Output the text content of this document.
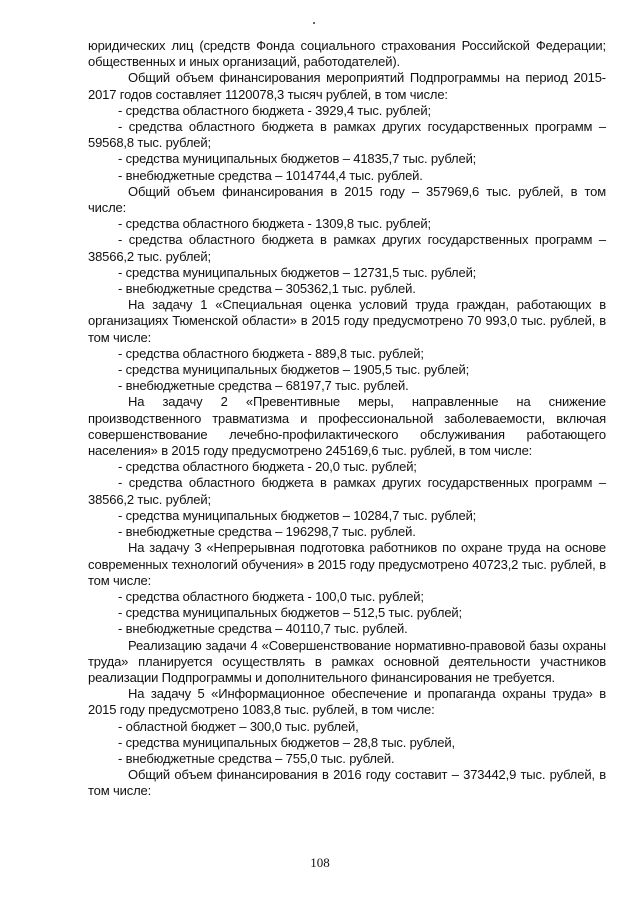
юридических лиц (средств Фонда социального страхования Российской Федерации; общественных и иных организаций, работодателей).

Общий объем финансирования мероприятий Подпрограммы на период 2015-2017 годов составляет 1120078,3 тысяч рублей, в том числе:

- средства областного бюджета - 3929,4 тыс. рублей;

- средства областного бюджета в рамках других государственных программ – 59568,8 тыс. рублей;

- средства муниципальных бюджетов – 41835,7 тыс. рублей;

- внебюджетные средства – 1014744,4 тыс. рублей.

Общий объем финансирования в 2015 году – 357969,6 тыс. рублей, в том числе:

- средства областного бюджета - 1309,8 тыс. рублей;

- средства областного бюджета в рамках других государственных программ – 38566,2 тыс. рублей;

- средства муниципальных бюджетов – 12731,5 тыс. рублей;

- внебюджетные средства – 305362,1 тыс. рублей.

На задачу 1 «Специальная оценка условий труда граждан, работающих в организациях Тюменской области» в 2015 году предусмотрено 70 993,0 тыс. рублей, в том числе:

- средства областного бюджета - 889,8 тыс. рублей;

- средства муниципальных бюджетов – 1905,5 тыс. рублей;

- внебюджетные средства – 68197,7 тыс. рублей.

На задачу 2 «Превентивные меры, направленные на снижение производственного травматизма и профессиональной заболеваемости, включая совершенствование лечебно-профилактического обслуживания работающего населения» в 2015 году предусмотрено 245169,6 тыс. рублей, в том числе:

- средства областного бюджета - 20,0 тыс. рублей;

- средства областного бюджета в рамках других государственных программ – 38566,2 тыс. рублей;

- средства муниципальных бюджетов – 10284,7 тыс. рублей;

- внебюджетные средства – 196298,7 тыс. рублей.

На задачу 3 «Непрерывная подготовка работников по охране труда на основе современных технологий обучения» в 2015 году предусмотрено 40723,2 тыс. рублей, в том числе:

- средства областного бюджета - 100,0 тыс. рублей;

- средства муниципальных бюджетов – 512,5 тыс. рублей;

- внебюджетные средства – 40110,7 тыс. рублей.

Реализацию задачи 4 «Совершенствование нормативно-правовой базы охраны труда» планируется осуществлять в рамках основной деятельности участников реализации Подпрограммы и дополнительного финансирования не требуется.

На задачу 5 «Информационное обеспечение и пропаганда охраны труда» в 2015 году предусмотрено 1083,8 тыс. рублей, в том числе:

- областной бюджет – 300,0 тыс. рублей,

- средства муниципальных бюджетов – 28,8 тыс. рублей,

- внебюджетные средства – 755,0 тыс. рублей.

Общий объем финансирования в 2016 году составит – 373442,9 тыс. рублей, в том числе:

108
